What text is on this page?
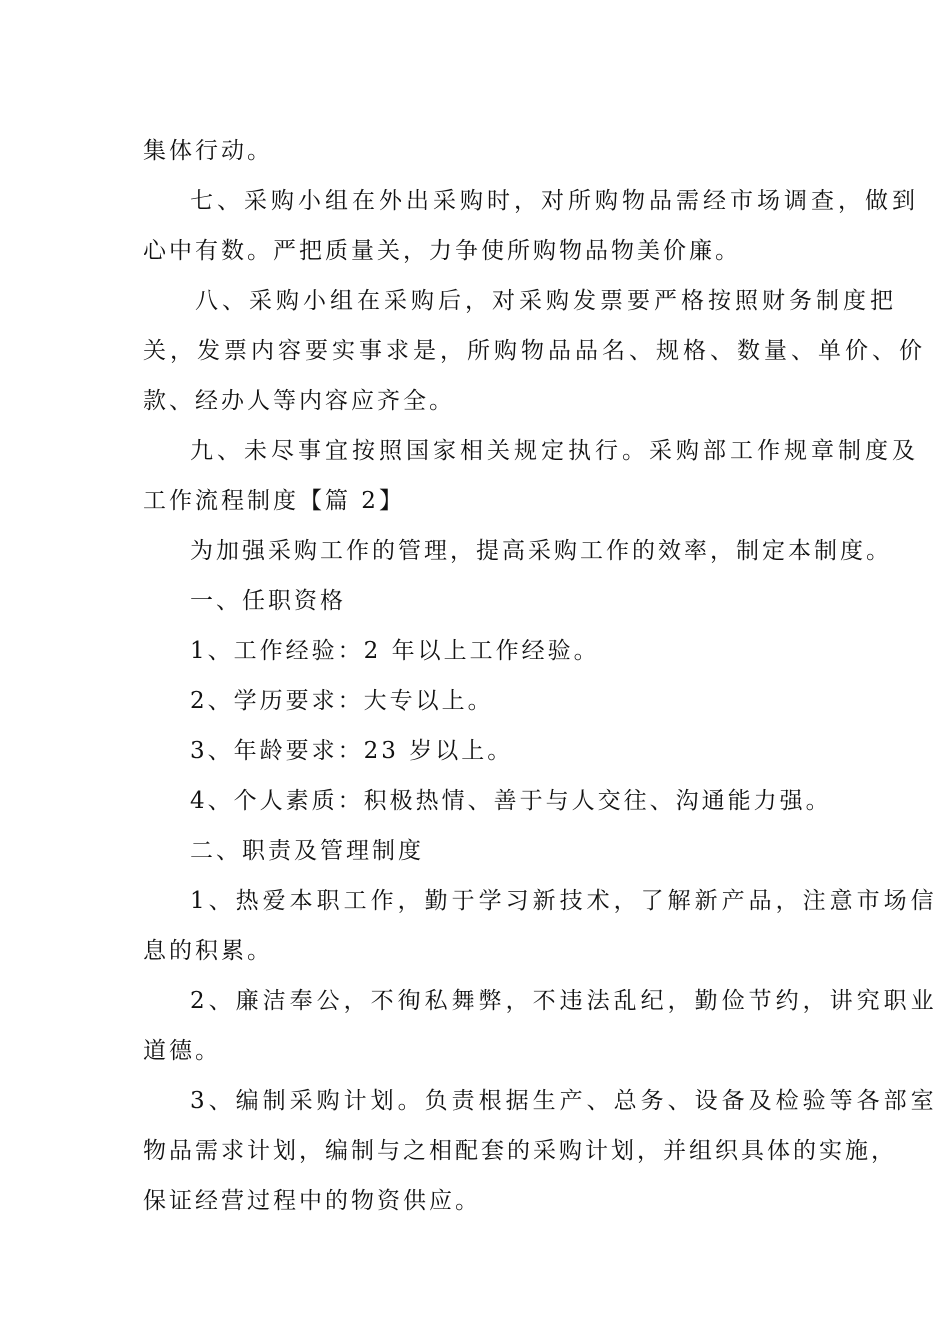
集体行动。
七、采购小组在外出采购时，对所购物品需经市场调查，做到
心中有数。严把质量关，力争使所购物品物美价廉。
八、采购小组在采购后，对采购发票要严格按照财务制度把
关，发票内容要实事求是，所购物品品名、规格、数量、单价、价
款、经办人等内容应齐全。
九、未尽事宜按照国家相关规定执行。采购部工作规章制度及
工作流程制度【篇 2】
为加强采购工作的管理，提高采购工作的效率，制定本制度。
一、任职资格
1、工作经验：2 年以上工作经验。
2、学历要求：大专以上。
3、年龄要求：23 岁以上。
4、个人素质：积极热情、善于与人交往、沟通能力强。
二、职责及管理制度
1、热爱本职工作，勤于学习新技术，了解新产品，注意市场信
息的积累。
2、廉洁奉公，不徇私舞弊，不违法乱纪，勤俭节约，讲究职业
道德。
3、编制采购计划。负责根据生产、总务、设备及检验等各部室
物品需求计划，编制与之相配套的采购计划，并组织具体的实施，
保证经营过程中的物资供应。
